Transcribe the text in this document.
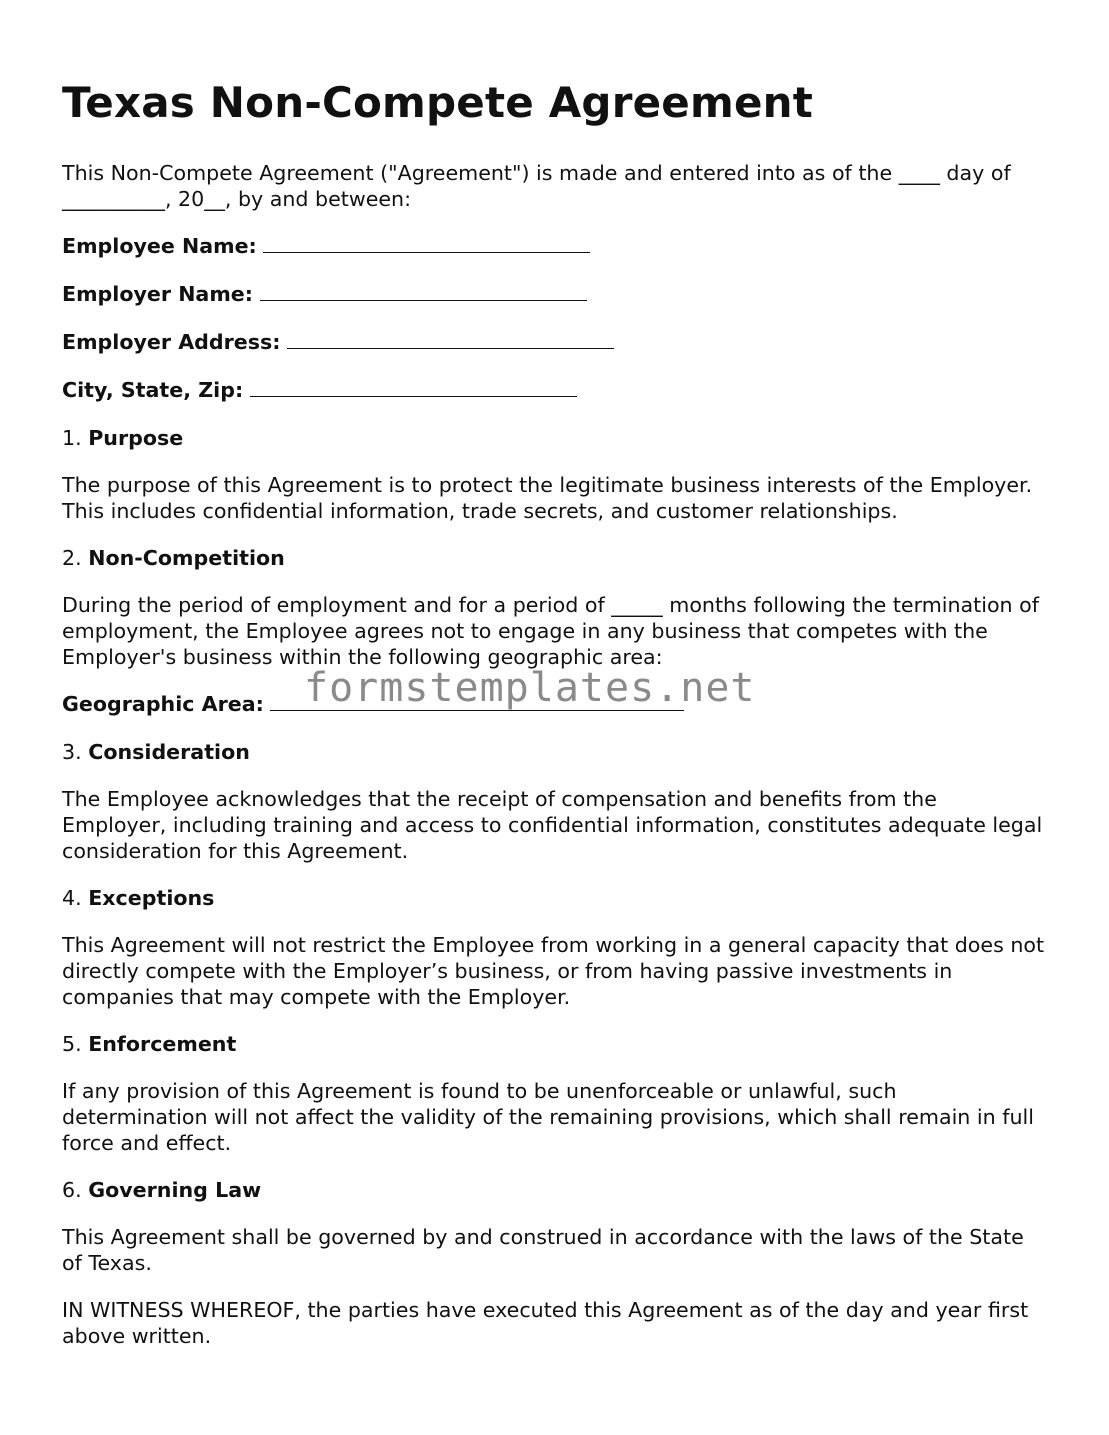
Texas Non-Compete Agreement

This Non-Compete Agreement ("Agreement") is made and entered into as of the ____ day of __________, 20__, by and between:

Employee Name:
Employer Name:
Employer Address:
City, State, Zip:
1. Purpose

The purpose of this Agreement is to protect the legitimate business interests of the Employer. This includes confidential information, trade secrets, and customer relationships.

2. Non-Competition

During the period of employment and for a period of _____ months following the termination of employment, the Employee agrees not to engage in any business that competes with the Employer's business within the following geographic area:

Geographic Area: formstemplates.net
3. Consideration

The Employee acknowledges that the receipt of compensation and benefits from the Employer, including training and access to confidential information, constitutes adequate legal consideration for this Agreement.

4. Exceptions

This Agreement will not restrict the Employee from working in a general capacity that does not directly compete with the Employer’s business, or from having passive investments in companies that may compete with the Employer.

5. Enforcement

If any provision of this Agreement is found to be unenforceable or unlawful, such determination will not affect the validity of the remaining provisions, which shall remain in full force and effect.

6. Governing Law

This Agreement shall be governed by and construed in accordance with the laws of the State of Texas.

IN WITNESS WHEREOF, the parties have executed this Agreement as of the day and year first above written.
